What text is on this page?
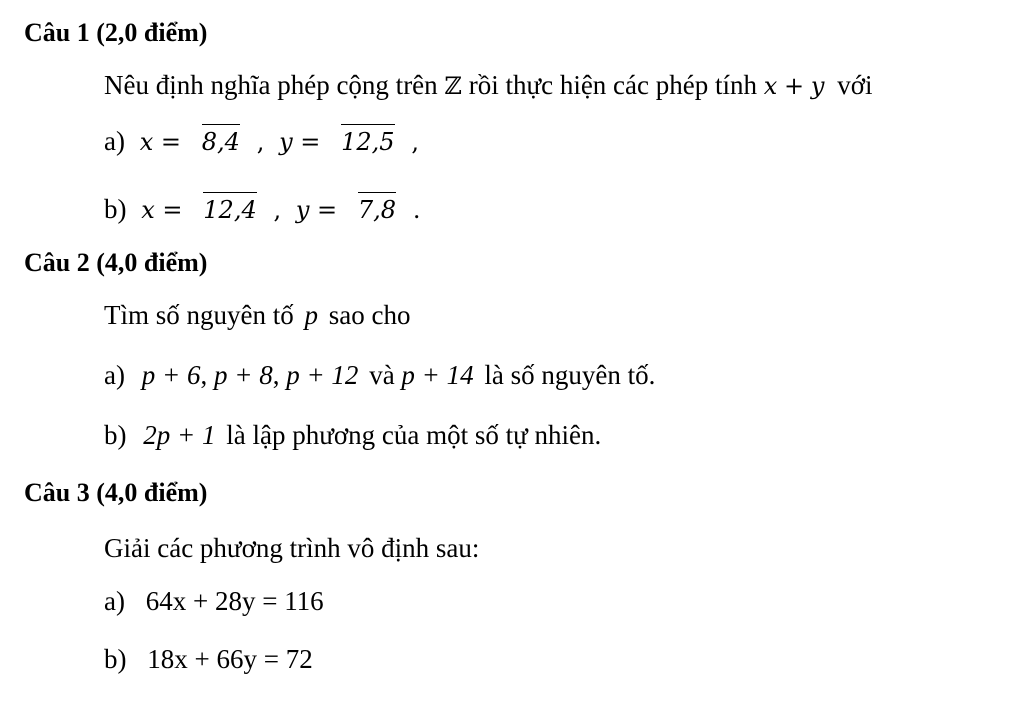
Câu 1 (2,0 điểm)
Nêu định nghĩa phép cộng trên ℤ rồi thực hiện các phép tính x + y với
a) x = 8,4 , y = 12,5 ,
b) x = 12,4 , y = 7,8 .
Câu 2 (4,0 điểm)
Tìm số nguyên tố p sao cho
a) p + 6, p + 8, p + 12 và p + 14 là số nguyên tố.
b) 2p + 1 là lập phương của một số tự nhiên.
Câu 3 (4,0 điểm)
Giải các phương trình vô định sau:
a) 64x + 28y = 116
b) 18x + 66y = 72
